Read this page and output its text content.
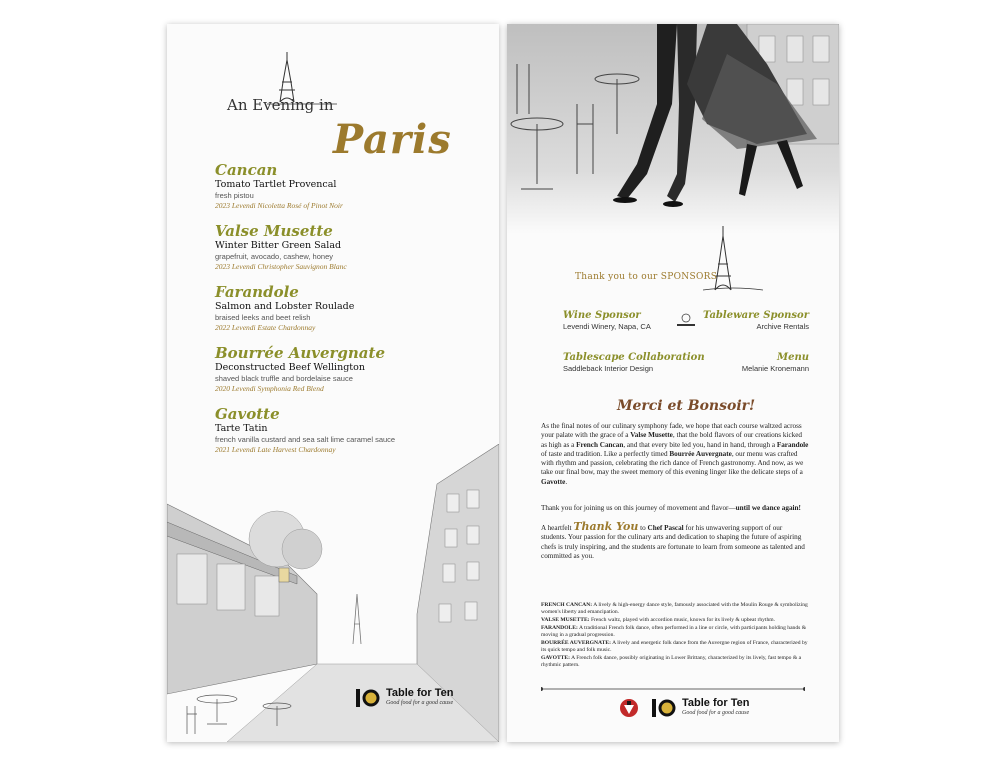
An Evening in
Paris
Cancan
Tomato Tartlet Provencal
fresh pistou
2023 Levendi Nicoletta Rosé of Pinot Noir
Valse Musette
Winter Bitter Green Salad
grapefruit, avocado, cashew, honey
2023 Levendi Christopher Sauvignon Blanc
Farandole
Salmon and Lobster Roulade
braised leeks and beet relish
2022 Levendi Estate Chardonnay
Bourrée Auvergnate
Deconstructed Beef Wellington
shaved black truffle and bordelaise sauce
2020 Levendi Symphonia Red Blend
Gavotte
Tarte Tatin
french vanilla custard and sea salt lime caramel sauce
2021 Levendi Late Harvest Chardonnay
Table for Ten
Good food for a good cause
Thank you to our SPONSORS
Wine Sponsor
Levendi Winery, Napa, CA
Tableware Sponsor
Archive Rentals
Tablescape Collaboration
Saddleback Interior Design
Menu
Melanie Kronemann
Merci et Bonsoir!
As the final notes of our culinary symphony fade, we hope that each course waltzed across your palate with the grace of a Valse Musette, that the bold flavors of our creations kicked as high as a French Cancan, and that every bite led you, hand in hand, through a Farandole of taste and tradition. Like a perfectly timed Bourrée Auvergnate, our menu was crafted with rhythm and passion, celebrating the rich dance of French gastronomy. And now, as we take our final bow, may the sweet memory of this evening linger like the delicate steps of a Gavotte.
Thank you for joining us on this journey of movement and flavor—until we dance again!
A heartfelt Thank You to Chef Pascal for his unwavering support of our students. Your passion for the culinary arts and dedication to shaping the future of aspiring chefs is truly inspiring, and the students are fortunate to learn from someone as talented and committed as you.
FRENCH CANCAN: A lively & high-energy dance style, famously associated with the Moulin Rouge & symbolizing women's liberty and emancipation.
VALSE MUSETTE: French waltz, played with accordion music, known for its lively & upbeat rhythm.
FARANDOLE: A traditional French folk dance, often performed in a line or circle, with participants holding hands & moving in a gradual progression.
BOURRÉE AUVERGNATE: A lively and energetic folk dance from the Auvergne region of France, characterized by its quick tempo and folk music.
GAVOTTE: A French folk dance, possibly originating in Lower Brittany, characterized by its lively, fast tempo & a rhythmic pattern.
Table for Ten
Good food for a good cause
